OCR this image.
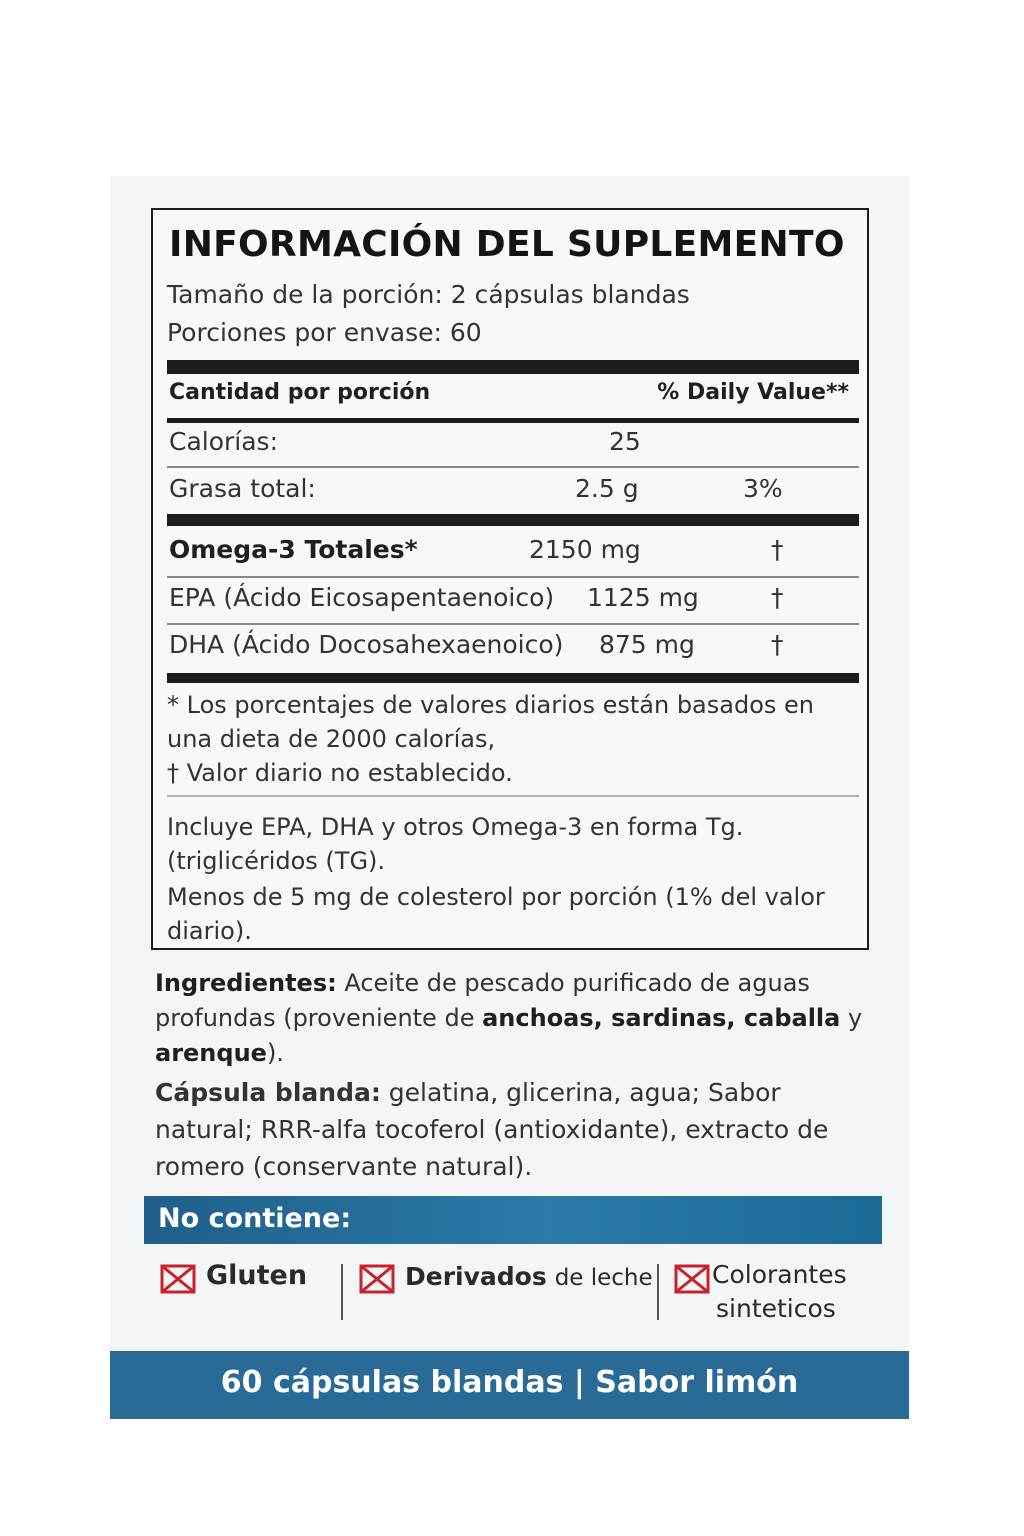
INFORMACIÓN DEL SUPLEMENTO
Tamaño de la porción: 2 cápsulas blandas
Porciones por envase: 60
Cantidad por porción	% Daily Value**
Calorías:	25
Grasa total:	2.5 g	3%
Omega-3 Totales*	2150 mg	†
EPA (Ácido Eicosapentaenoico) 1125 mg	†
DHA (Ácido Docosahexaenoico) 875 mg	†
* Los porcentajes de valores diarios están basados en una dieta de 2000 calorías,
† Valor diario no establecido.
Incluye EPA, DHA y otros Omega-3 en forma Tg. (triglicéridos (TG).
Menos de 5 mg de colesterol por porción (1% del valor diario).
Ingredientes: Aceite de pescado purificado de aguas profundas (proveniente de anchoas, sardinas, caballa y arenque).
Cápsula blanda: gelatina, glicerina, agua; Sabor natural; RRR-alfa tocoferol (antioxidante), extracto de romero (conservante natural).
No contiene:
Gluten	Derivados de leche Colorantes
sinteticos
60 cápsulas blandas | Sabor limón
